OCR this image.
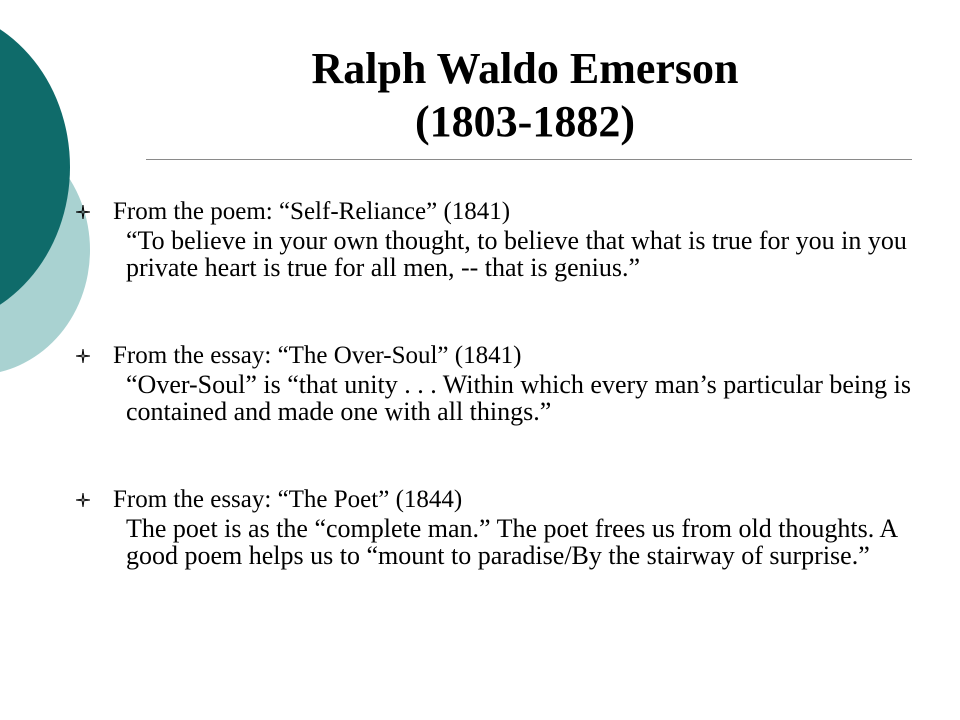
Ralph Waldo Emerson
(1803-1882)
From the poem: “Self-Reliance” (1841)
“To believe in your own thought, to believe that what is true for you in you private heart is true for all men, -- that is genius.”
From the essay: “The Over-Soul” (1841)
“Over-Soul” is “that unity . . . Within which every man’s particular being is contained and made one with all things.”
From the essay: “The Poet” (1844)
The poet is as the “complete man.” The poet frees us from old thoughts. A good poem helps us to “mount to paradise/By the stairway of surprise.”
